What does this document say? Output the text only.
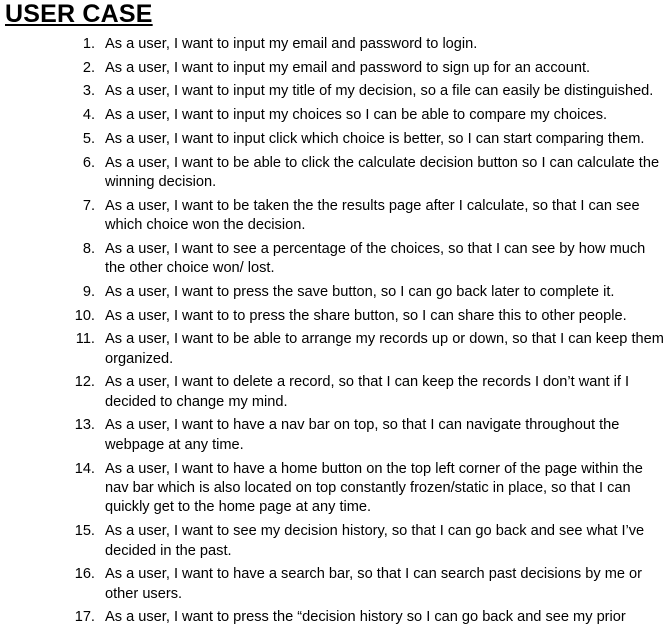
USER CASE
1. As a user, I want to input my email and password to login.
2. As a user, I want to input my email and password to sign up for an account.
3. As a user, I want to input my title of my decision, so a file can easily be distinguished.
4. As a user, I want to input my choices so I can be able to compare my choices.
5. As a user, I want to input click which choice is better, so I can start comparing them.
6. As a user, I want to be able to click the calculate decision button so I can calculate the winning decision.
7. As a user, I want to be taken the the results page after I calculate, so that I can see which choice won the decision.
8. As a user, I want to see a percentage of the choices, so that I can see by how much the other choice won/ lost.
9. As a user, I want to press the save button, so I can go back later to complete it.
10. As a user, I want to to press the share button, so I can share this to other people.
11. As a user, I want to be able to arrange my records up or down, so that I can keep them organized.
12. As a user, I want to delete a record, so that I can keep the records I don’t want if I decided to change my mind.
13. As a user, I want to have a nav bar on top, so that I can navigate throughout the webpage at any time.
14. As a user, I want to have a home button on the top left corner of the page within the nav bar which is also located on top constantly frozen/static in place, so that I can quickly get to the home page at any time.
15. As a user, I want to see my decision history, so that I can go back and see what I’ve decided in the past.
16. As a user, I want to have a search bar, so that I can search past decisions by me or other users.
17. As a user, I want to press the “decision history so I can go back and see my prior
